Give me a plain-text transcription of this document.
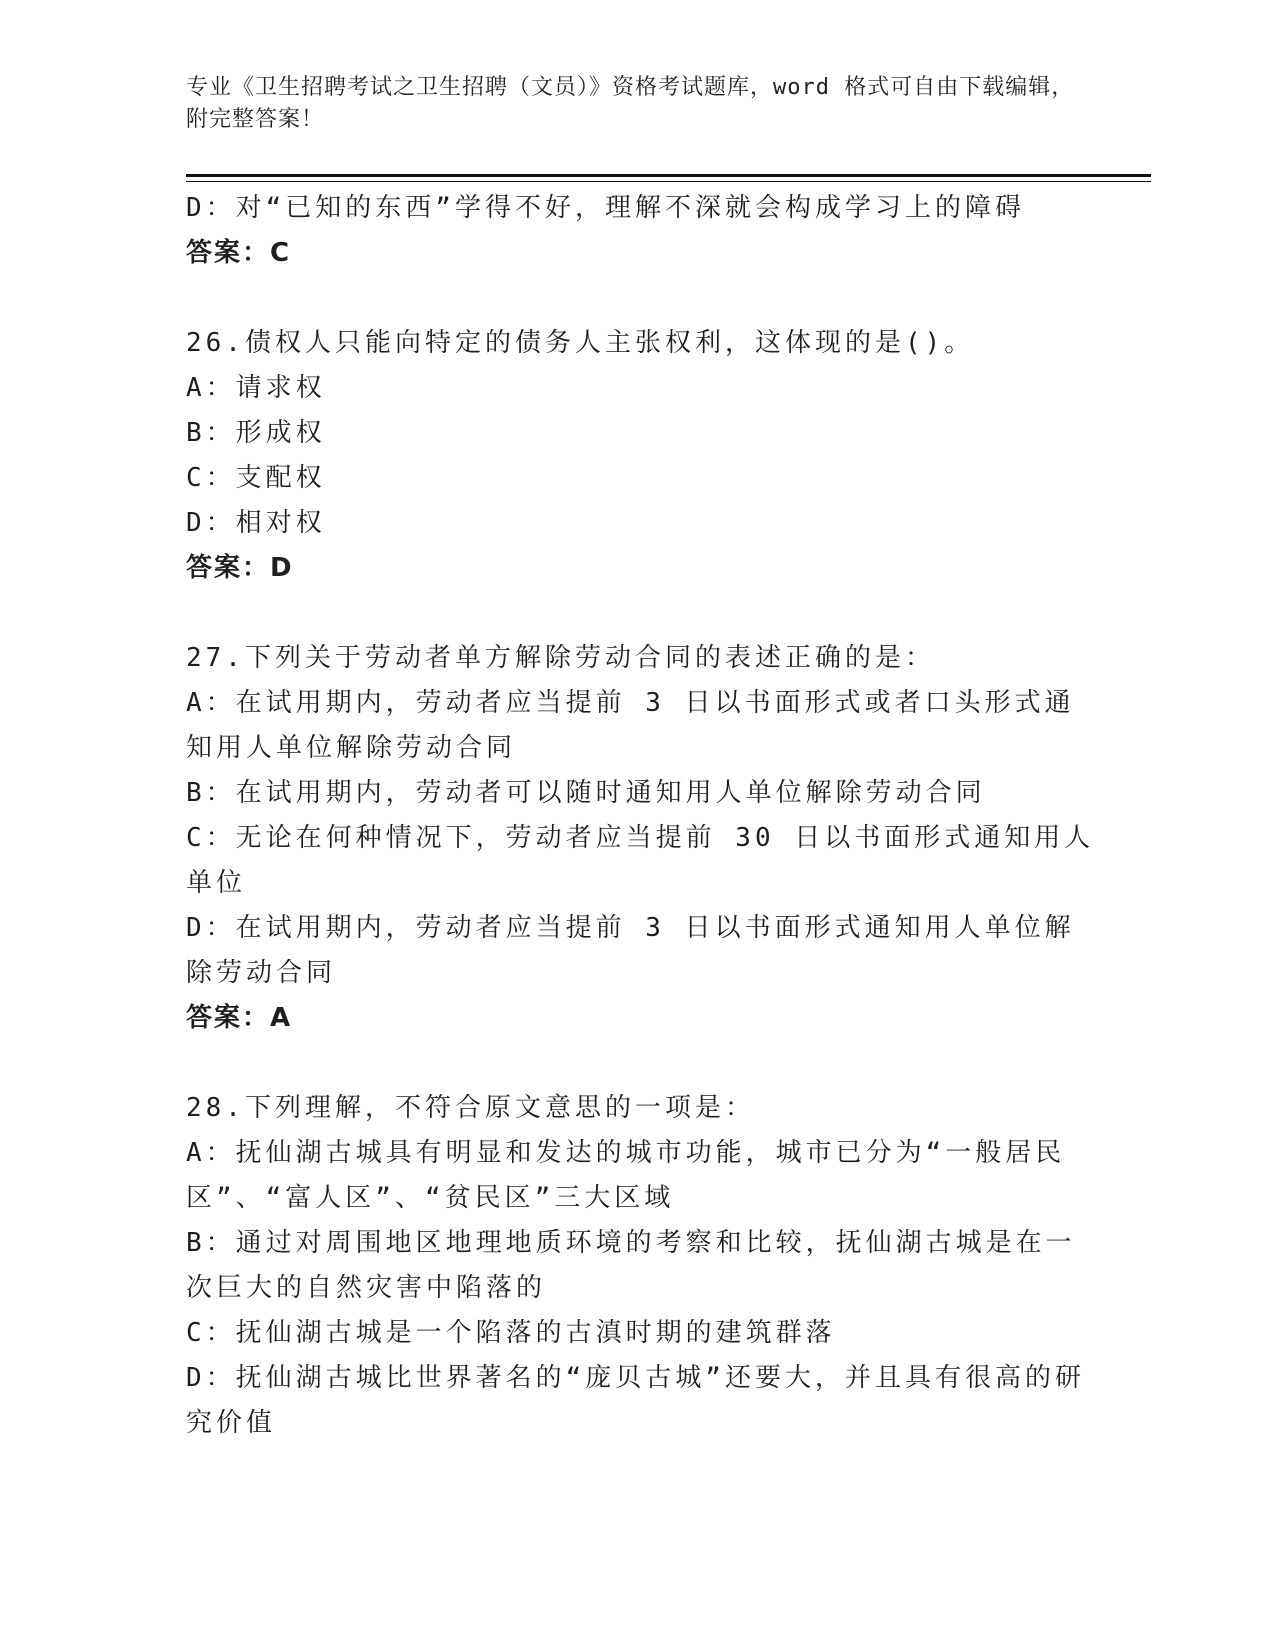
专业《卫生招聘考试之卫生招聘（文员）》资格考试题库，word 格式可自由下载编辑，附完整答案！

D：对“已知的东西”学得不好，理解不深就会构成学习上的障碍

答案：C

26.债权人只能向特定的债务人主张权利，这体现的是()。

A：请求权

B：形成权

C：支配权

D：相对权

答案：D

27.下列关于劳动者单方解除劳动合同的表述正确的是：

A：在试用期内，劳动者应当提前 3 日以书面形式或者口头形式通知用人单位解除劳动合同

B：在试用期内，劳动者可以随时通知用人单位解除劳动合同

C：无论在何种情况下，劳动者应当提前 30 日以书面形式通知用人单位

D：在试用期内，劳动者应当提前 3 日以书面形式通知用人单位解除劳动合同

答案：A

28.下列理解，不符合原文意思的一项是：

A：抚仙湖古城具有明显和发达的城市功能，城市已分为“一般居民区”、“富人区”、“贫民区”三大区域

B：通过对周围地区地理地质环境的考察和比较，抚仙湖古城是在一次巨大的自然灾害中陷落的

C：抚仙湖古城是一个陷落的古滇时期的建筑群落

D：抚仙湖古城比世界著名的“庞贝古城”还要大，并且具有很高的研究价值
